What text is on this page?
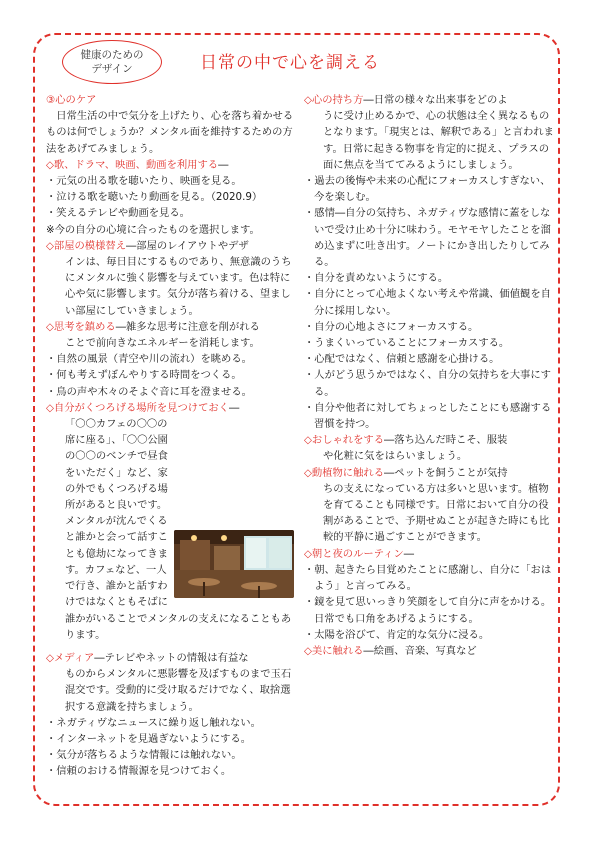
健康のための
デザイン	日常の中で心を調える

③心のケア

日常生活の中で気分を上げたり、心を落ち着かせるものは何でしょうか？メンタル面を維持するための方法をあげてみましょう。

◇歌、ドラマ、映画、動画を利用する―

・元気の出る歌を聴いたり、映画を見る。

・泣ける歌を聴いたり動画を見る。（2020.9）

・笑えるテレビや動画を見る。

※今の自分の心境に合ったものを選択します。

◇部屋の模様替え―部屋のレイアウトやデザ

インは、毎日目にするものであり、無意識のうちにメンタルに強く影響を与えています。色は特に心や気に影響します。気分が落ち着ける、望ましい部屋にしていきましょう。

◇思考を鎮める―雑多な思考に注意を削がれる

ことで前向きなエネルギーを消耗します。

・自然の風景（青空や川の流れ）を眺める。

・何も考えずぼんやりする時間をつくる。

・鳥の声や木々のそよぐ音に耳を澄ませる。

◇自分がくつろげる場所を見つけておく―

「〇〇カフェの〇〇の席に座る」、「〇〇公園の〇〇のベンチで昼食をいただく」など、家の外でもくつろげる場所があると良いです。メンタルが沈んでくると誰かと会って話すことも億劫になってきます。カフェなど、一人で行き、誰かと話すわけではなくともそばに誰かがいることでメンタルの支えになることもあります。

◇メディア―テレビやネットの情報は有益な

ものからメンタルに悪影響を及ぼすものまで玉石混交です。受動的に受け取るだけでなく、取捨選択する意識を持ちましょう。

・ネガティヴなニュースに繰り返し触れない。

・インターネットを見過ぎないようにする。

・気分が落ちるような情報には触れない。

・信頼のおける情報源を見つけておく。

◇心の持ち方―日常の様々な出来事をどのよ

うに受け止めるかで、心の状態は全く異なるものとなります。「現実とは、解釈である」と言われます。日常に起きる物事を肯定的に捉え、プラスの面に焦点を当ててみるようにしましょう。

・過去の後悔や未来の心配にフォーカスしすぎない、今を楽しむ。

・感情―自分の気持ち、ネガティヴな感情に蓋をしないで受け止め十分に味わう。モヤモヤしたことを溜め込まずに吐き出す。ノートにかき出したりしてみる。

・自分を責めないようにする。

・自分にとって心地よくない考えや常識、価値観を自分に採用しない。

・自分の心地よさにフォーカスする。

・うまくいっていることにフォーカスする。

・心配ではなく、信頼と感謝を心掛ける。

・人がどう思うかではなく、自分の気持ちを大事にする。

・自分や他者に対してちょっとしたことにも感謝する習慣を持つ。

◇おしゃれをする―落ち込んだ時こそ、服装

や化粧に気をはらいましょう。

◇動植物に触れる―ペットを飼うことが気持

ちの支えになっている方は多いと思います。植物を育てることも同様です。日常において自分の役割があることで、予期せぬことが起きた時にも比較的平静に過ごすことができます。

◇朝と夜のルーティン―

・朝、起きたら目覚めたことに感謝し、自分に「おはよう」と言ってみる。

・鏡を見て思いっきり笑顔をして自分に声をかける。日常でも口角をあげるようにする。

・太陽を浴びて、肯定的な気分に浸る。

◇美に触れる―絵画、音楽、写真など
